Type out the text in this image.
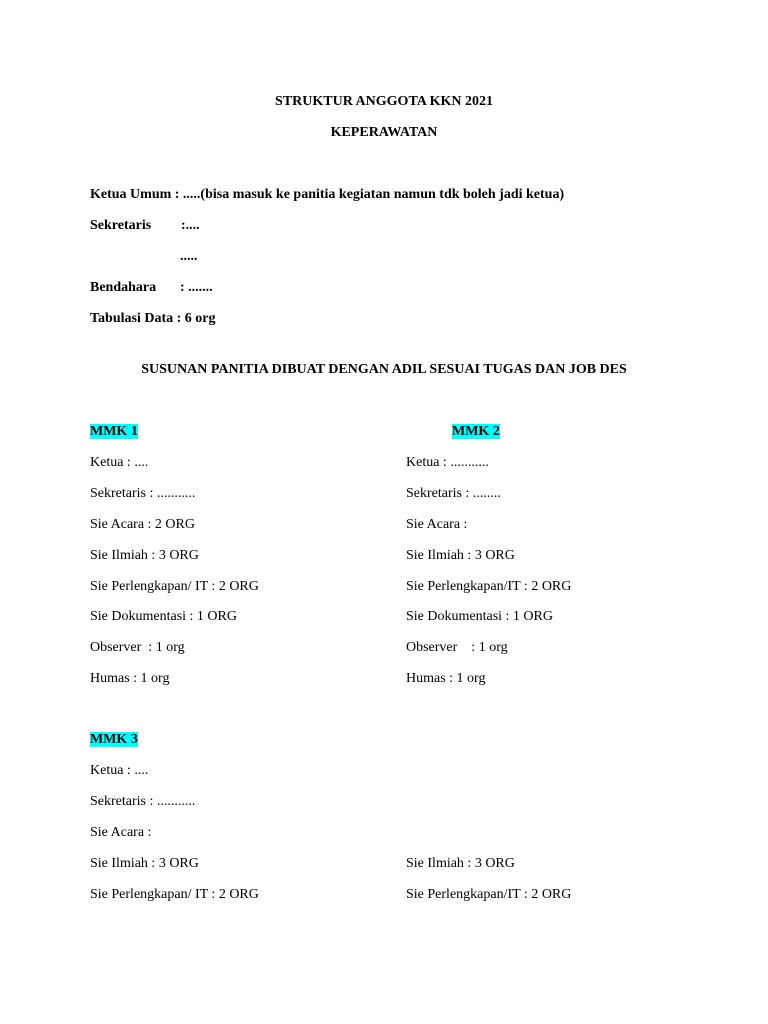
STRUKTUR ANGGOTA KKN 2021
KEPERAWATAN
Ketua Umum : .....(bisa masuk ke panitia kegiatan namun tdk boleh jadi ketua)
Sekretaris :....
.....
Bendahara : .......
Tabulasi Data : 6 org
SUSUNAN PANITIA DIBUAT DENGAN ADIL SESUAI TUGAS DAN JOB DES
MMK 1
Ketua : ....
Sekretaris : ...........
Sie Acara : 2 ORG
Sie Ilmiah : 3 ORG
Sie Perlengkapan/ IT : 2 ORG
Sie Dokumentasi : 1 ORG
Observer  : 1 org
Humas : 1 org
MMK 2
Ketua : ...........
Sekretaris : ........
Sie Acara :
Sie Ilmiah : 3 ORG
Sie Perlengkapan/IT : 2 ORG
Sie Dokumentasi : 1 ORG
Observer    : 1 org
Humas : 1 org
MMK 3
Ketua : ....
Sekretaris : ...........
Sie Acara :
Sie Ilmiah : 3 ORG
Sie Perlengkapan/ IT : 2 ORG
Sie Ilmiah : 3 ORG
Sie Perlengkapan/IT : 2 ORG
